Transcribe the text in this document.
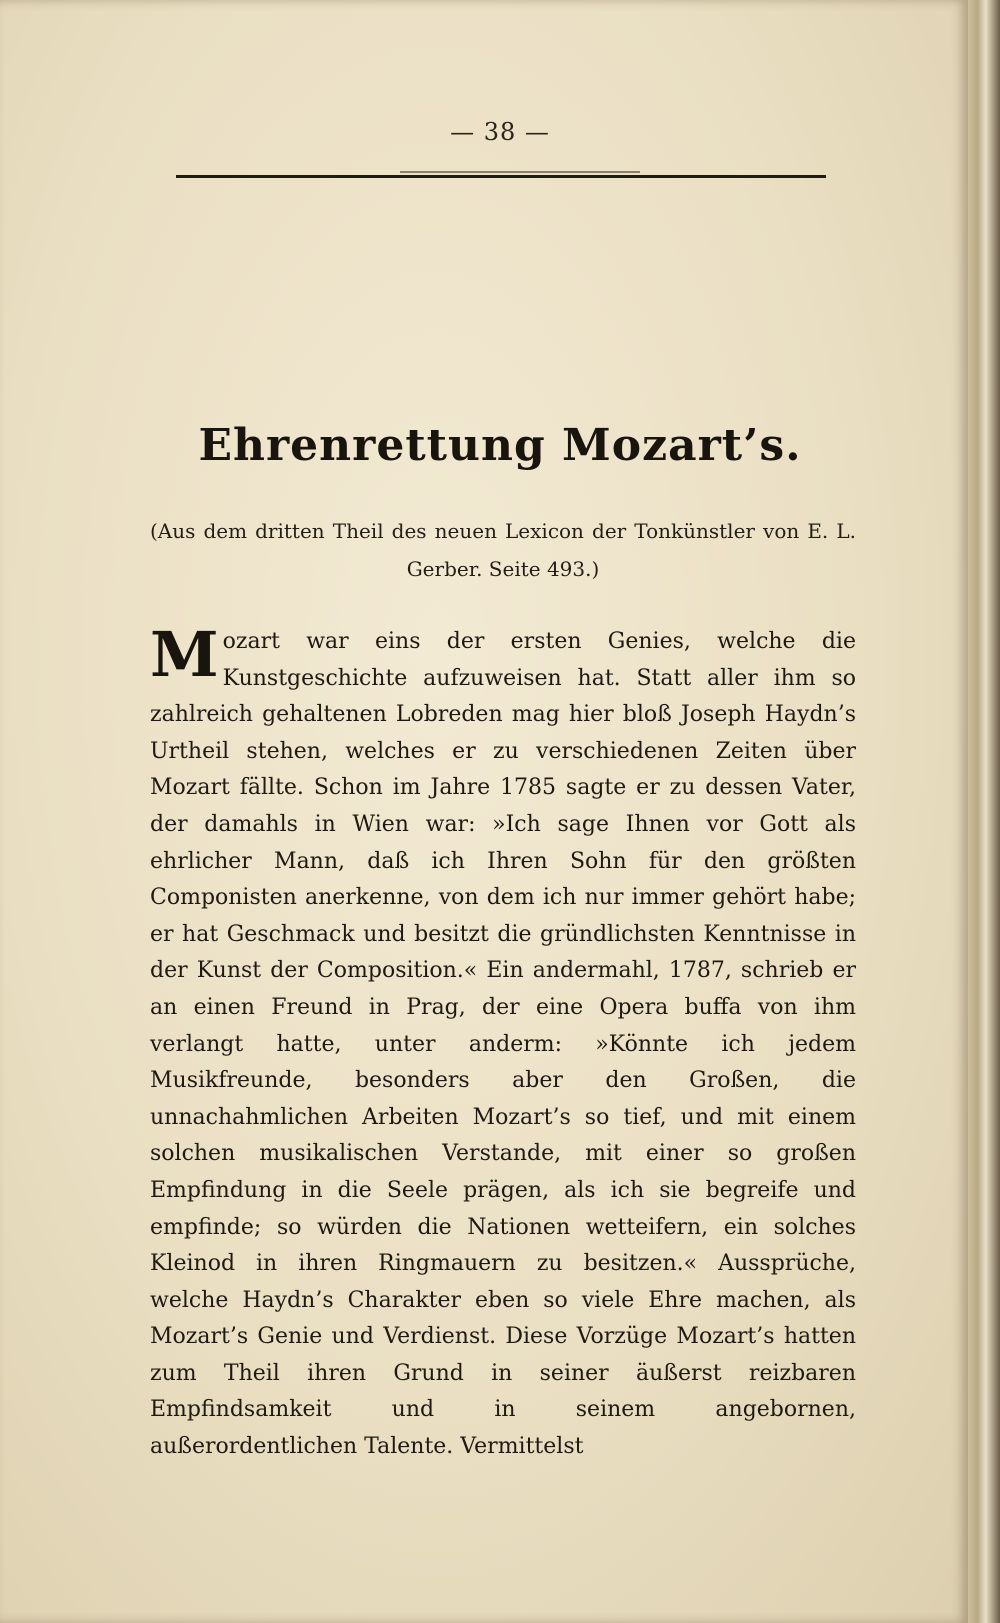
— 38 —
Ehrenrettung Mozart’s.
(Aus dem dritten Theil des neuen Lexicon der Tonkünstler von E. L. Gerber. Seite 493.)

Mozart war eins der ersten Genies, welche die Kunstgeschichte aufzuweisen hat. Statt aller ihm so zahlreich gehaltenen Lobreden mag hier bloß Joseph Haydn’s Urtheil stehen, welches er zu verschiedenen Zeiten über Mozart fällte. Schon im Jahre 1785 sagte er zu dessen Vater, der damahls in Wien war: »Ich sage Ihnen vor Gott als ehrlicher Mann, daß ich Ihren Sohn für den größten Componisten anerkenne, von dem ich nur immer gehört habe; er hat Geschmack und besitzt die gründlichsten Kenntnisse in der Kunst der Composition.« Ein andermahl, 1787, schrieb er an einen Freund in Prag, der eine Opera buffa von ihm verlangt hatte, unter anderm: »Könnte ich jedem Musikfreunde, besonders aber den Großen, die unnachahmlichen Arbeiten Mozart’s so tief, und mit einem solchen musikalischen Verstande, mit einer so großen Empfindung in die Seele prägen, als ich sie begreife und empfinde; so würden die Nationen wetteifern, ein solches Kleinod in ihren Ringmauern zu besitzen.« Aussprüche, welche Haydn’s Charakter eben so viele Ehre machen, als Mozart’s Genie und Verdienst. Diese Vorzüge Mozart’s hatten zum Theil ihren Grund in seiner äußerst reizbaren Empfindsamkeit und in seinem angebornen, außerordentlichen Talente. Vermittelst
